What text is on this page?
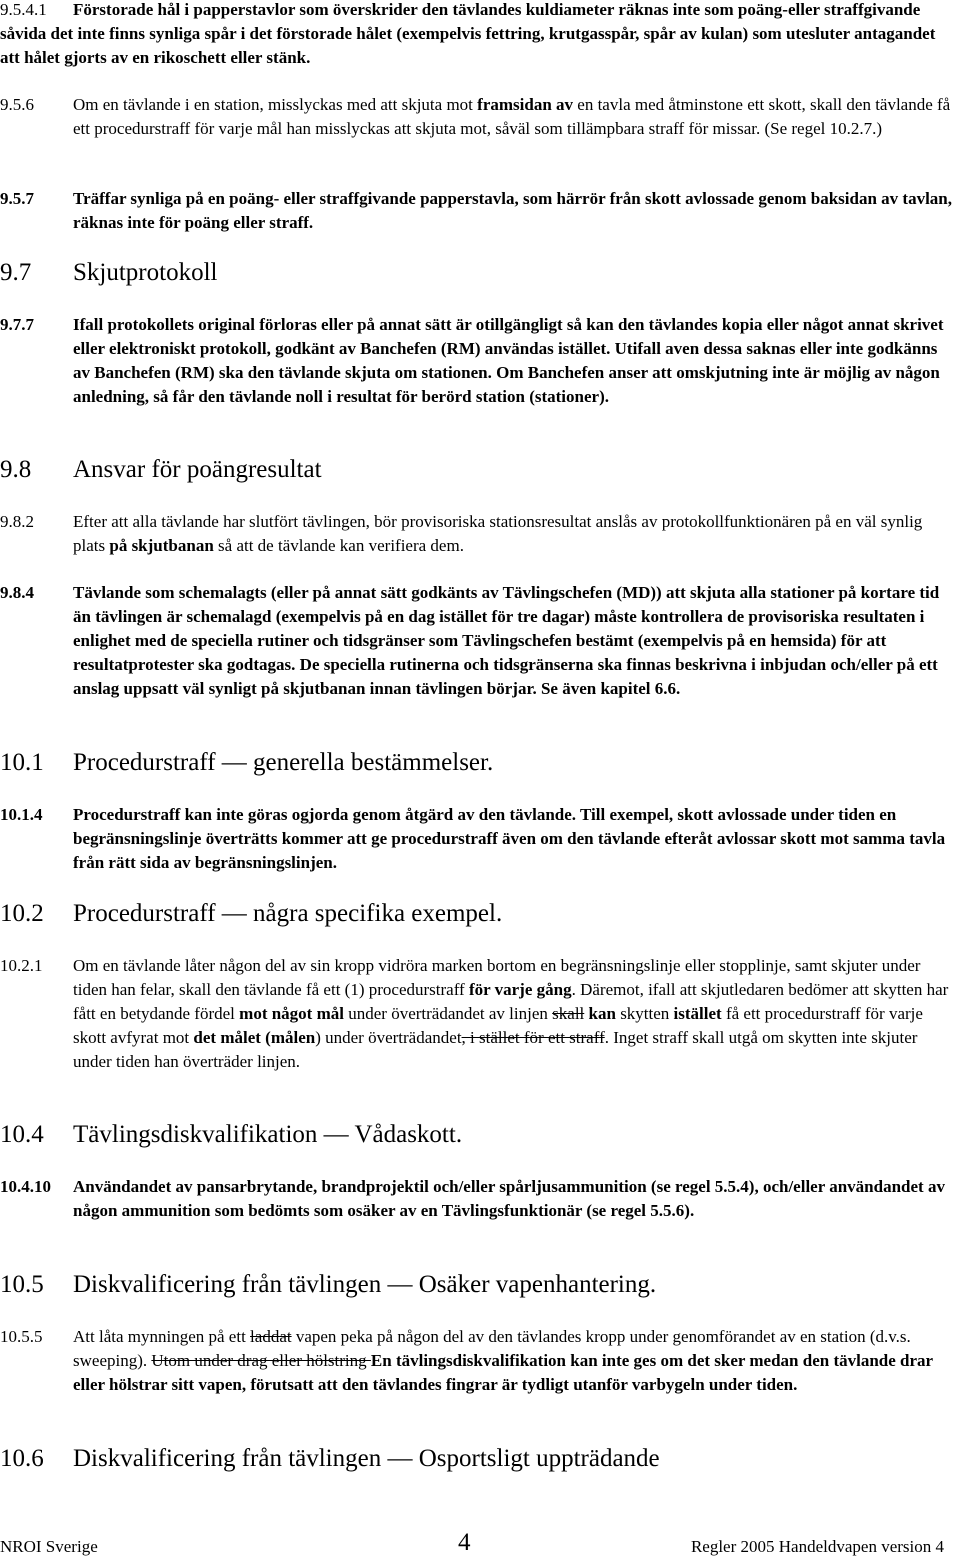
9.5.4.1	Förstorade hål i papperstavlor som överskrider den tävlandes kuldiameter räknas inte som poäng-eller straffgivande såvida det inte finns synliga spår i det förstorade hålet (exempelvis fettring, krutgasspår, spår av kulan) som utesluter antagandet att hålet gjorts av en rikoschett eller stänk.
9.5.6 Om en tävlande i en station, misslyckas med att skjuta mot framsidan av en tavla med åtminstone ett skott, skall den tävlande få ett procedurstraff för varje mål han misslyckas att skjuta mot, såväl som tillämpbara straff för missar. (Se regel 10.2.7.)
9.5.7 Träffar synliga på en poäng- eller straffgivande papperstavla, som härrör från skott avlossade genom baksidan av tavlan, räknas inte för poäng eller straff.
9.7 Skjutprotokoll
9.7.7 Ifall protokollets original förloras eller på annat sätt är otillgängligt så kan den tävlandes kopia eller något annat skrivet eller elektroniskt protokoll, godkänt av Banchefen (RM) användas istället. Utifall aven dessa saknas eller inte godkänns av Banchefen (RM) ska den tävlande skjuta om stationen. Om Banchefen anser att omskjutning inte är möjlig av någon anledning, så får den tävlande noll i resultat för berörd station (stationer).
9.8 Ansvar för poängresultat
9.8.2 Efter att alla tävlande har slutfört tävlingen, bör provisoriska stationsresultat anslås av protokollfunktionären på en väl synlig plats på skjutbanan så att de tävlande kan verifiera dem.
9.8.4 Tävlande som schemalagts (eller på annat sätt godkänts av Tävlingschefen (MD)) att skjuta alla stationer på kortare tid än tävlingen är schemalagd (exempelvis på en dag istället för tre dagar) måste kontrollera de provisoriska resultaten i enlighet med de speciella rutiner och tidsgränser som Tävlingschefen bestämt (exempelvis på en hemsida) för att resultatprotester ska godtagas. De speciella rutinerna och tidsgränserna ska finnas beskrivna i inbjudan och/eller på ett anslag uppsatt väl synligt på skjutbanan innan tävlingen börjar. Se även kapitel 6.6.
10.1 Procedurstraff — generella bestämmelser.
10.1.4 Procedurstraff kan inte göras ogjorda genom åtgärd av den tävlande. Till exempel, skott avlossade under tiden en begränsningslinje överträtts kommer att ge procedurstraff även om den tävlande efteråt avlossar skott mot samma tavla från rätt sida av begränsningslinjen.
10.2 Procedurstraff — några specifika exempel.
10.2.1 Om en tävlande låter någon del av sin kropp vidröra marken bortom en begränsningslinje eller stopplinje, samt skjuter under tiden han felar, skall den tävlande få ett (1) procedurstraff för varje gång. Däremot, ifall att skjutledaren bedömer att skytten har fått en betydande fördel mot något mål under överträdandet av linjen skall kan skytten istället få ett procedurstraff för varje skott avfyrat mot det målet (målen) under överträdandet, i stället för ett straff. Inget straff skall utgå om skytten inte skjuter under tiden han överträder linjen.
10.4 Tävlingsdiskvalifikation — Vådaskott.
10.4.10 Användandet av pansarbrytande, brandprojektil och/eller spårljusammunition (se regel 5.5.4), och/eller användandet av någon ammunition som bedömts som osäker av en Tävlingsfunktionär (se regel 5.5.6).
10.5 Diskvalificering från tävlingen — Osäker vapenhantering.
10.5.5 Att låta mynningen på ett laddat vapen peka på någon del av den tävlandes kropp under genomförandet av en station (d.v.s. sweeping). Utom under drag eller hölstring En tävlingsdiskvalifikation kan inte ges om det sker medan den tävlande drar eller hölstrar sitt vapen, förutsatt att den tävlandes fingrar är tydligt utanför varbygeln under tiden.
10.6 Diskvalificering från tävlingen — Osportsligt uppträdande
NROI Sverige	4	Regler 2005 Handeldvapen version 4
